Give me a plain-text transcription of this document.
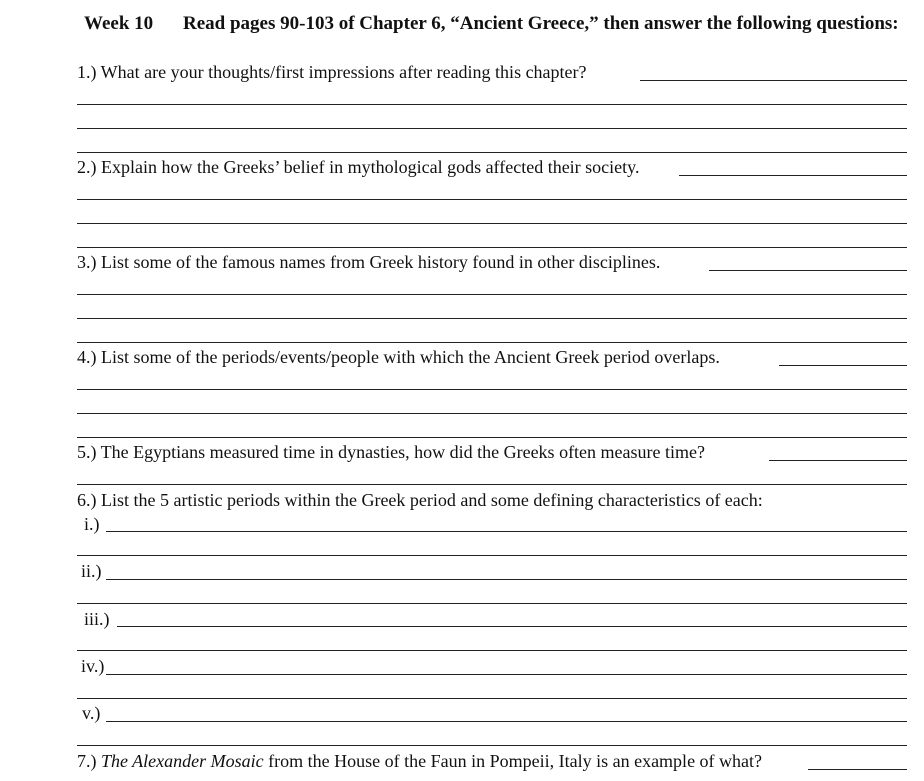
Week 10 Read pages 90-103 of Chapter 6, “Ancient Greece,” then answer the following questions:
1.) What are your thoughts/first impressions after reading this chapter?
2.) Explain how the Greeks’ belief in mythological gods affected their society.
3.) List some of the famous names from Greek history found in other disciplines.
4.) List some of the periods/events/people with which the Ancient Greek period overlaps.
5.) The Egyptians measured time in dynasties, how did the Greeks often measure time?
6.) List the 5 artistic periods within the Greek period and some defining characteristics of each:
i.)
ii.)
iii.)
iv.)
v.)
7.) The Alexander Mosaic from the House of the Faun in Pompeii, Italy is an example of what?
